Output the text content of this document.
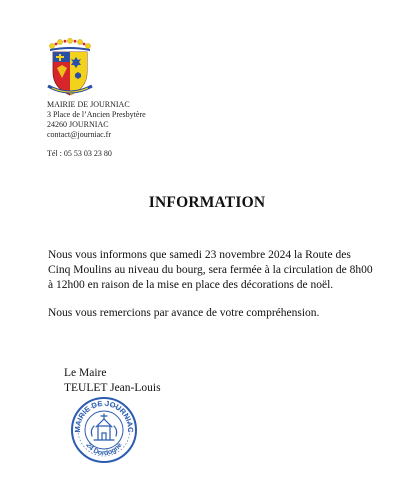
MAIRIE DE JOURNIAC
3 Place de l’Ancien Presbytère
24260 JOURNIAC
contact@journiac.fr
Tél : 05 53 03 23 80
INFORMATION

Nous vous informons que samedi 23 novembre 2024 la Route des Cinq Moulins au niveau du bourg, sera fermée à la circulation de 8h00 à 12h00 en raison de la mise en place des décorations de noël.

Nous vous remercions par avance de votre compréhension.

Le Maire
TEULET Jean-Louis
MAIRIE DE JOURNIAC
24 Dordogne
